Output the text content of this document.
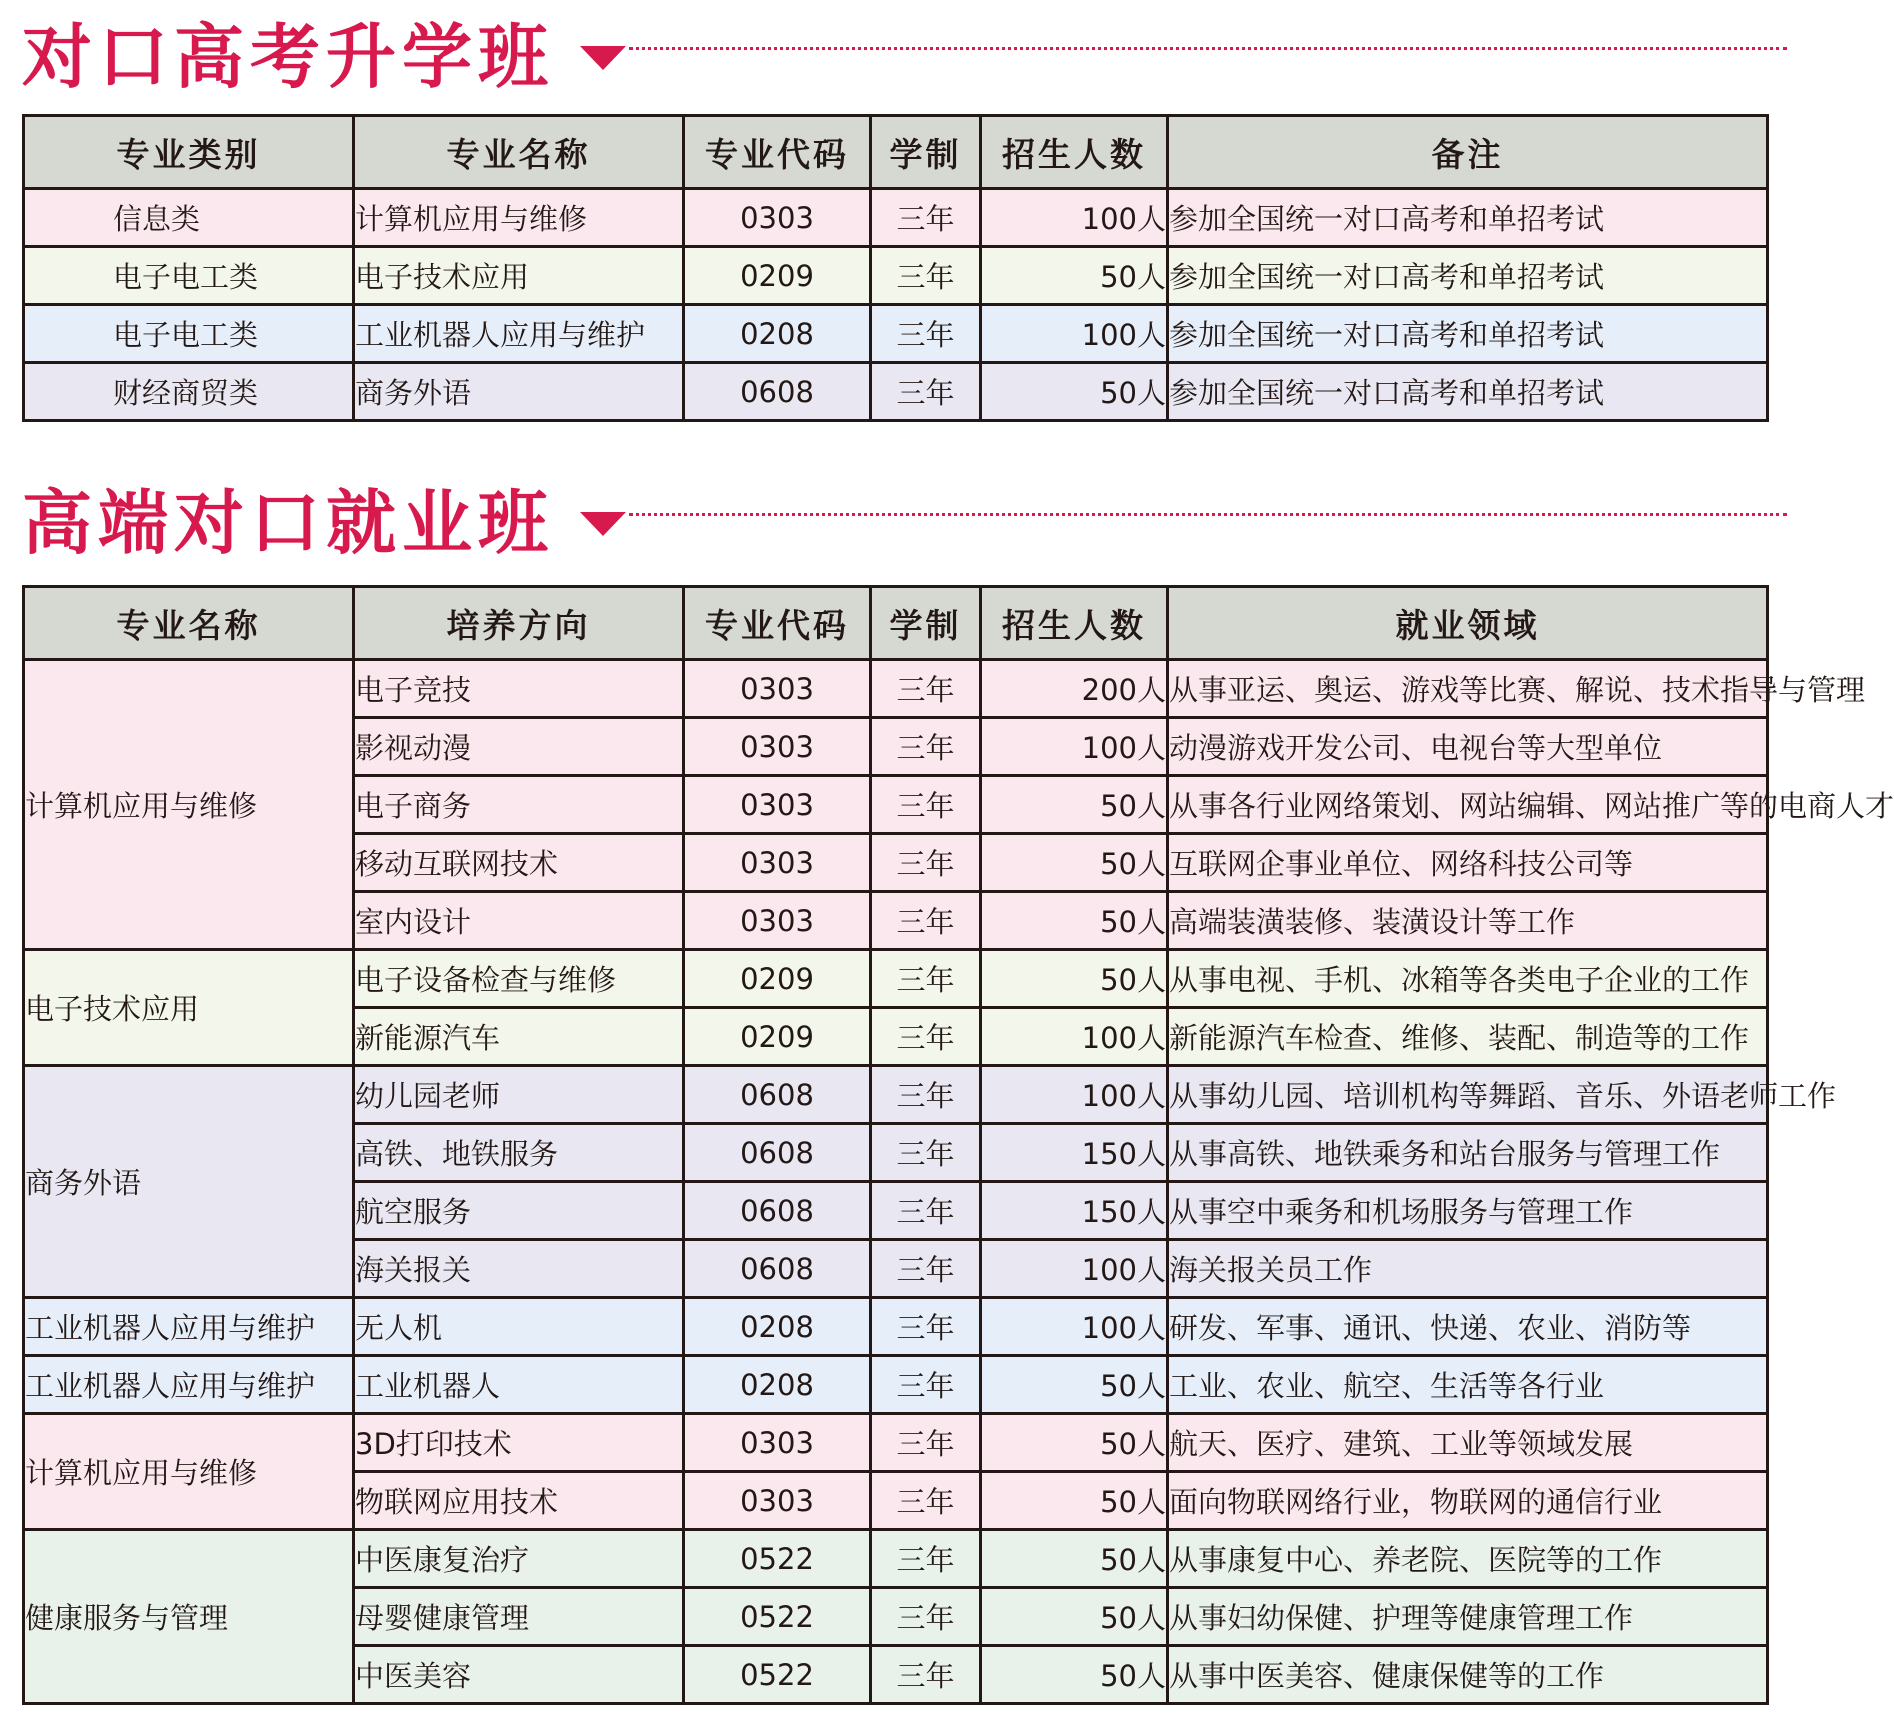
对口高考升学班
专业类别	专业名称	专业代码	学制	招生人数	备注
信息类	计算机应用与维修	0303	三年	100人	参加全国统一对口高考和单招考试
电子电工类	电子技术应用	0209	三年	50人	参加全国统一对口高考和单招考试
电子电工类	工业机器人应用与维护	0208	三年	100人	参加全国统一对口高考和单招考试
财经商贸类	商务外语	0608	三年	50人	参加全国统一对口高考和单招考试
高端对口就业班
专业名称	培养方向	专业代码	学制	招生人数	就业领域
计算机应用与维修	电子竞技	0303	三年	200人	从事亚运、奥运、游戏等比赛、解说、技术指导与管理
	影视动漫	0303	三年	100人	动漫游戏开发公司、电视台等大型单位
	电子商务	0303	三年	50人	从事各行业网络策划、网站编辑、网站推广等的电商人才
	移动互联网技术	0303	三年	50人	互联网企事业单位、网络科技公司等
	室内设计	0303	三年	50人	高端装潢装修、装潢设计等工作
电子技术应用	电子设备检查与维修	0209	三年	50人	从事电视、手机、冰箱等各类电子企业的工作
	新能源汽车	0209	三年	100人	新能源汽车检查、维修、装配、制造等的工作
商务外语	幼儿园老师	0608	三年	100人	从事幼儿园、培训机构等舞蹈、音乐、外语老师工作
	高铁、地铁服务	0608	三年	150人	从事高铁、地铁乘务和站台服务与管理工作
	航空服务	0608	三年	150人	从事空中乘务和机场服务与管理工作
	海关报关	0608	三年	100人	海关报关员工作
工业机器人应用与维护	无人机	0208	三年	100人	研发、军事、通讯、快递、农业、消防等
工业机器人应用与维护	工业机器人	0208	三年	50人	工业、农业、航空、生活等各行业
计算机应用与维修	3D打印技术	0303	三年	50人	航天、医疗、建筑、工业等领域发展
	物联网应用技术	0303	三年	50人	面向物联网络行业，物联网的通信行业
健康服务与管理	中医康复治疗	0522	三年	50人	从事康复中心、养老院、医院等的工作
	母婴健康管理	0522	三年	50人	从事妇幼保健、护理等健康管理工作
	中医美容	0522	三年	50人	从事中医美容、健康保健等的工作
